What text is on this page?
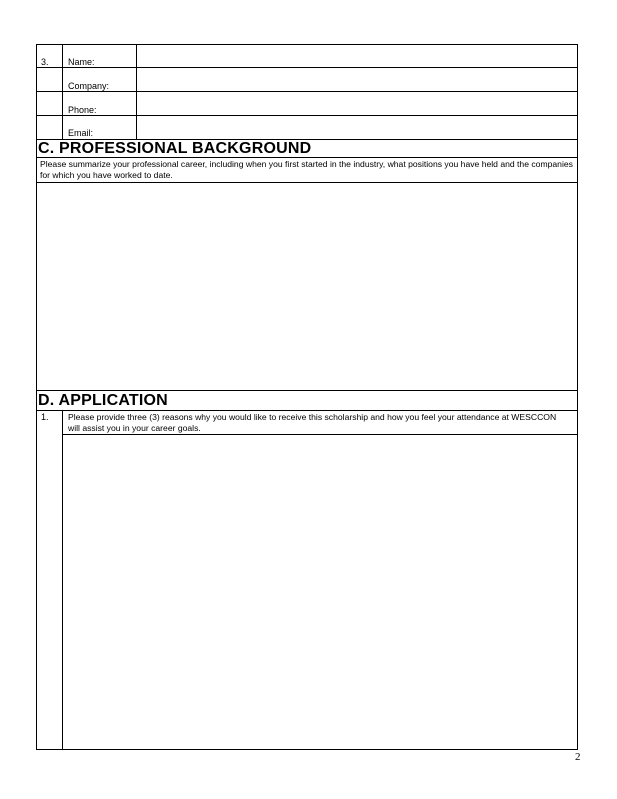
3. Name:
Company:
Phone:
Email:
C. PROFESSIONAL BACKGROUND
Please summarize your professional career, including when you first started in the industry, what positions you have held and the companies for which you have worked to date.
D. APPLICATION
1. Please provide three (3) reasons why you would like to receive this scholarship and how you feel your attendance at WESCCON will assist you in your career goals.
2
